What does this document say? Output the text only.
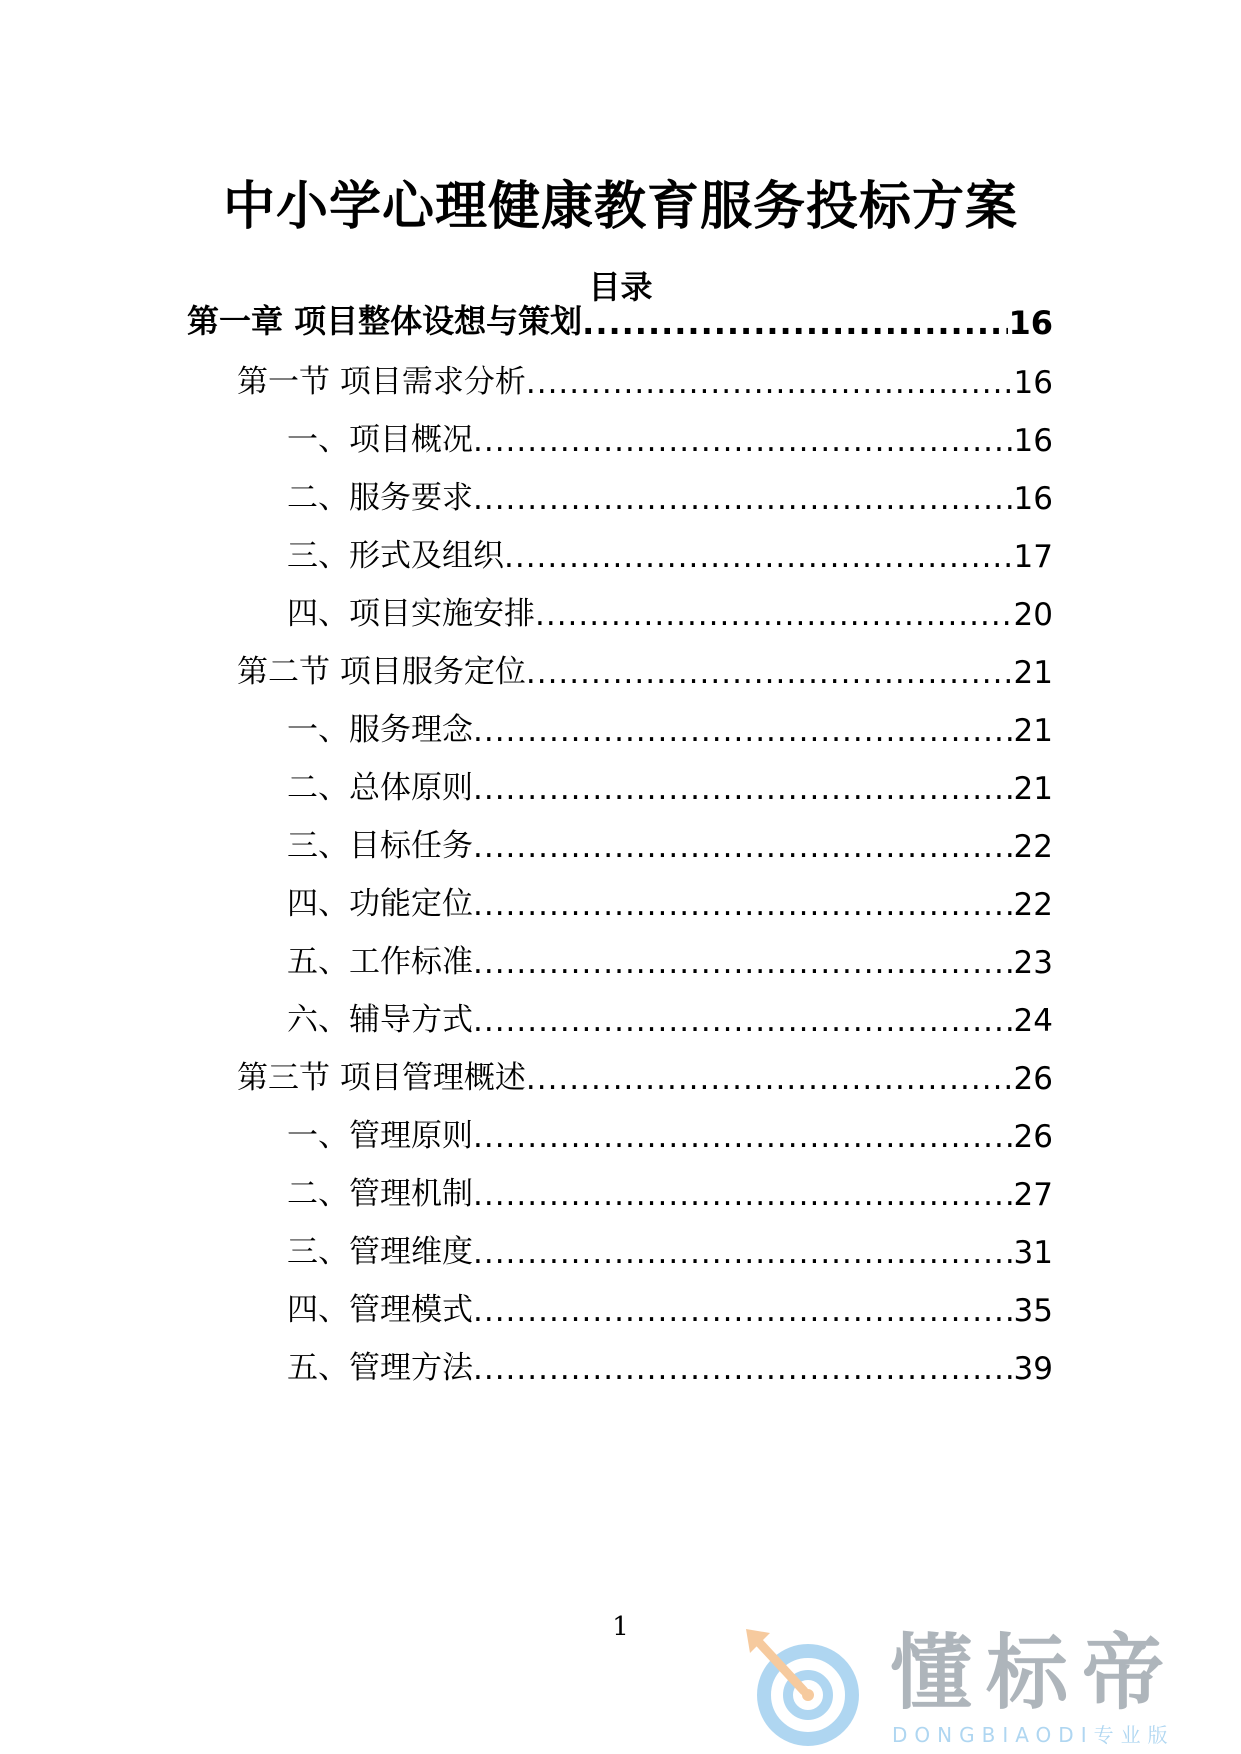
中小学心理健康教育服务投标方案
目录
第一章 项目整体设想与策划 .....	16
第一节 项目需求分析 .....	16
一、项目概况 .....	16
二、服务要求 .....	16
三、形式及组织 .....	17
四、项目实施安排 .....	20
第二节 项目服务定位 .....	21
一、服务理念 .....	21
二、总体原则 .....	21
三、目标任务 .....	22
四、功能定位 .....	22
五、工作标准 .....	23
六、辅导方式 .....	24
第三节 项目管理概述 .....	26
一、管理原则 .....	26
二、管理机制 .....	27
三、管理维度 .....	31
四、管理模式 .....	35
五、管理方法 .....	39
1	懂标帝
DONGBIAODI专业版
